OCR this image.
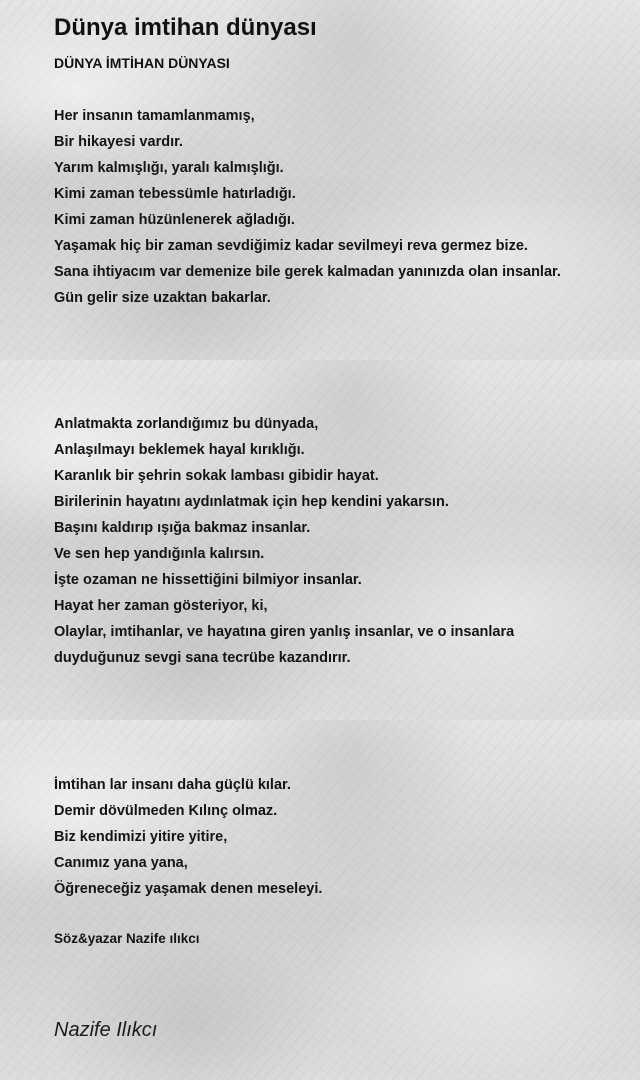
Dünya imtihan dünyası
DÜNYA İMTİHAN DÜNYASI
Her insanın tamamlanmamış,
Bir hikayesi vardır.
Yarım kalmışlığı, yaralı kalmışlığı.
Kimi zaman tebessümle hatırladığı.
Kimi zaman hüzünlenerek ağladığı.
Yaşamak hiç bir zaman sevdiğimiz kadar sevilmeyi reva germez bize.
Sana ihtiyacım var demenize bile gerek kalmadan yanınızda olan insanlar.
Gün gelir size uzaktan bakarlar.
Anlatmakta zorlandığımız bu dünyada,
Anlaşılmayı beklemek hayal kırıklığı.
Karanlık bir şehrin sokak lambası gibidir hayat.
Birilerinin hayatını aydınlatmak için hep kendini yakarsın.
Başını kaldırıp ışığa bakmaz insanlar.
Ve sen hep yandığınla kalırsın.
İşte ozaman ne hissettiğini bilmiyor insanlar.
Hayat her zaman gösteriyor, ki,
Olaylar, imtihanlar, ve hayatına giren yanlış insanlar, ve o insanlara
duyduğunuz sevgi sana tecrübe kazandırır.
İmtihan lar insanı daha güçlü kılar.
Demir dövülmeden Kılınç olmaz.
Biz kendimizi yitire yitire,
Canımız yana yana,
Öğreneceğiz yaşamak denen meseleyi.

Söz&yazar Nazife ılıkcı

Nazife Ilıkcı
